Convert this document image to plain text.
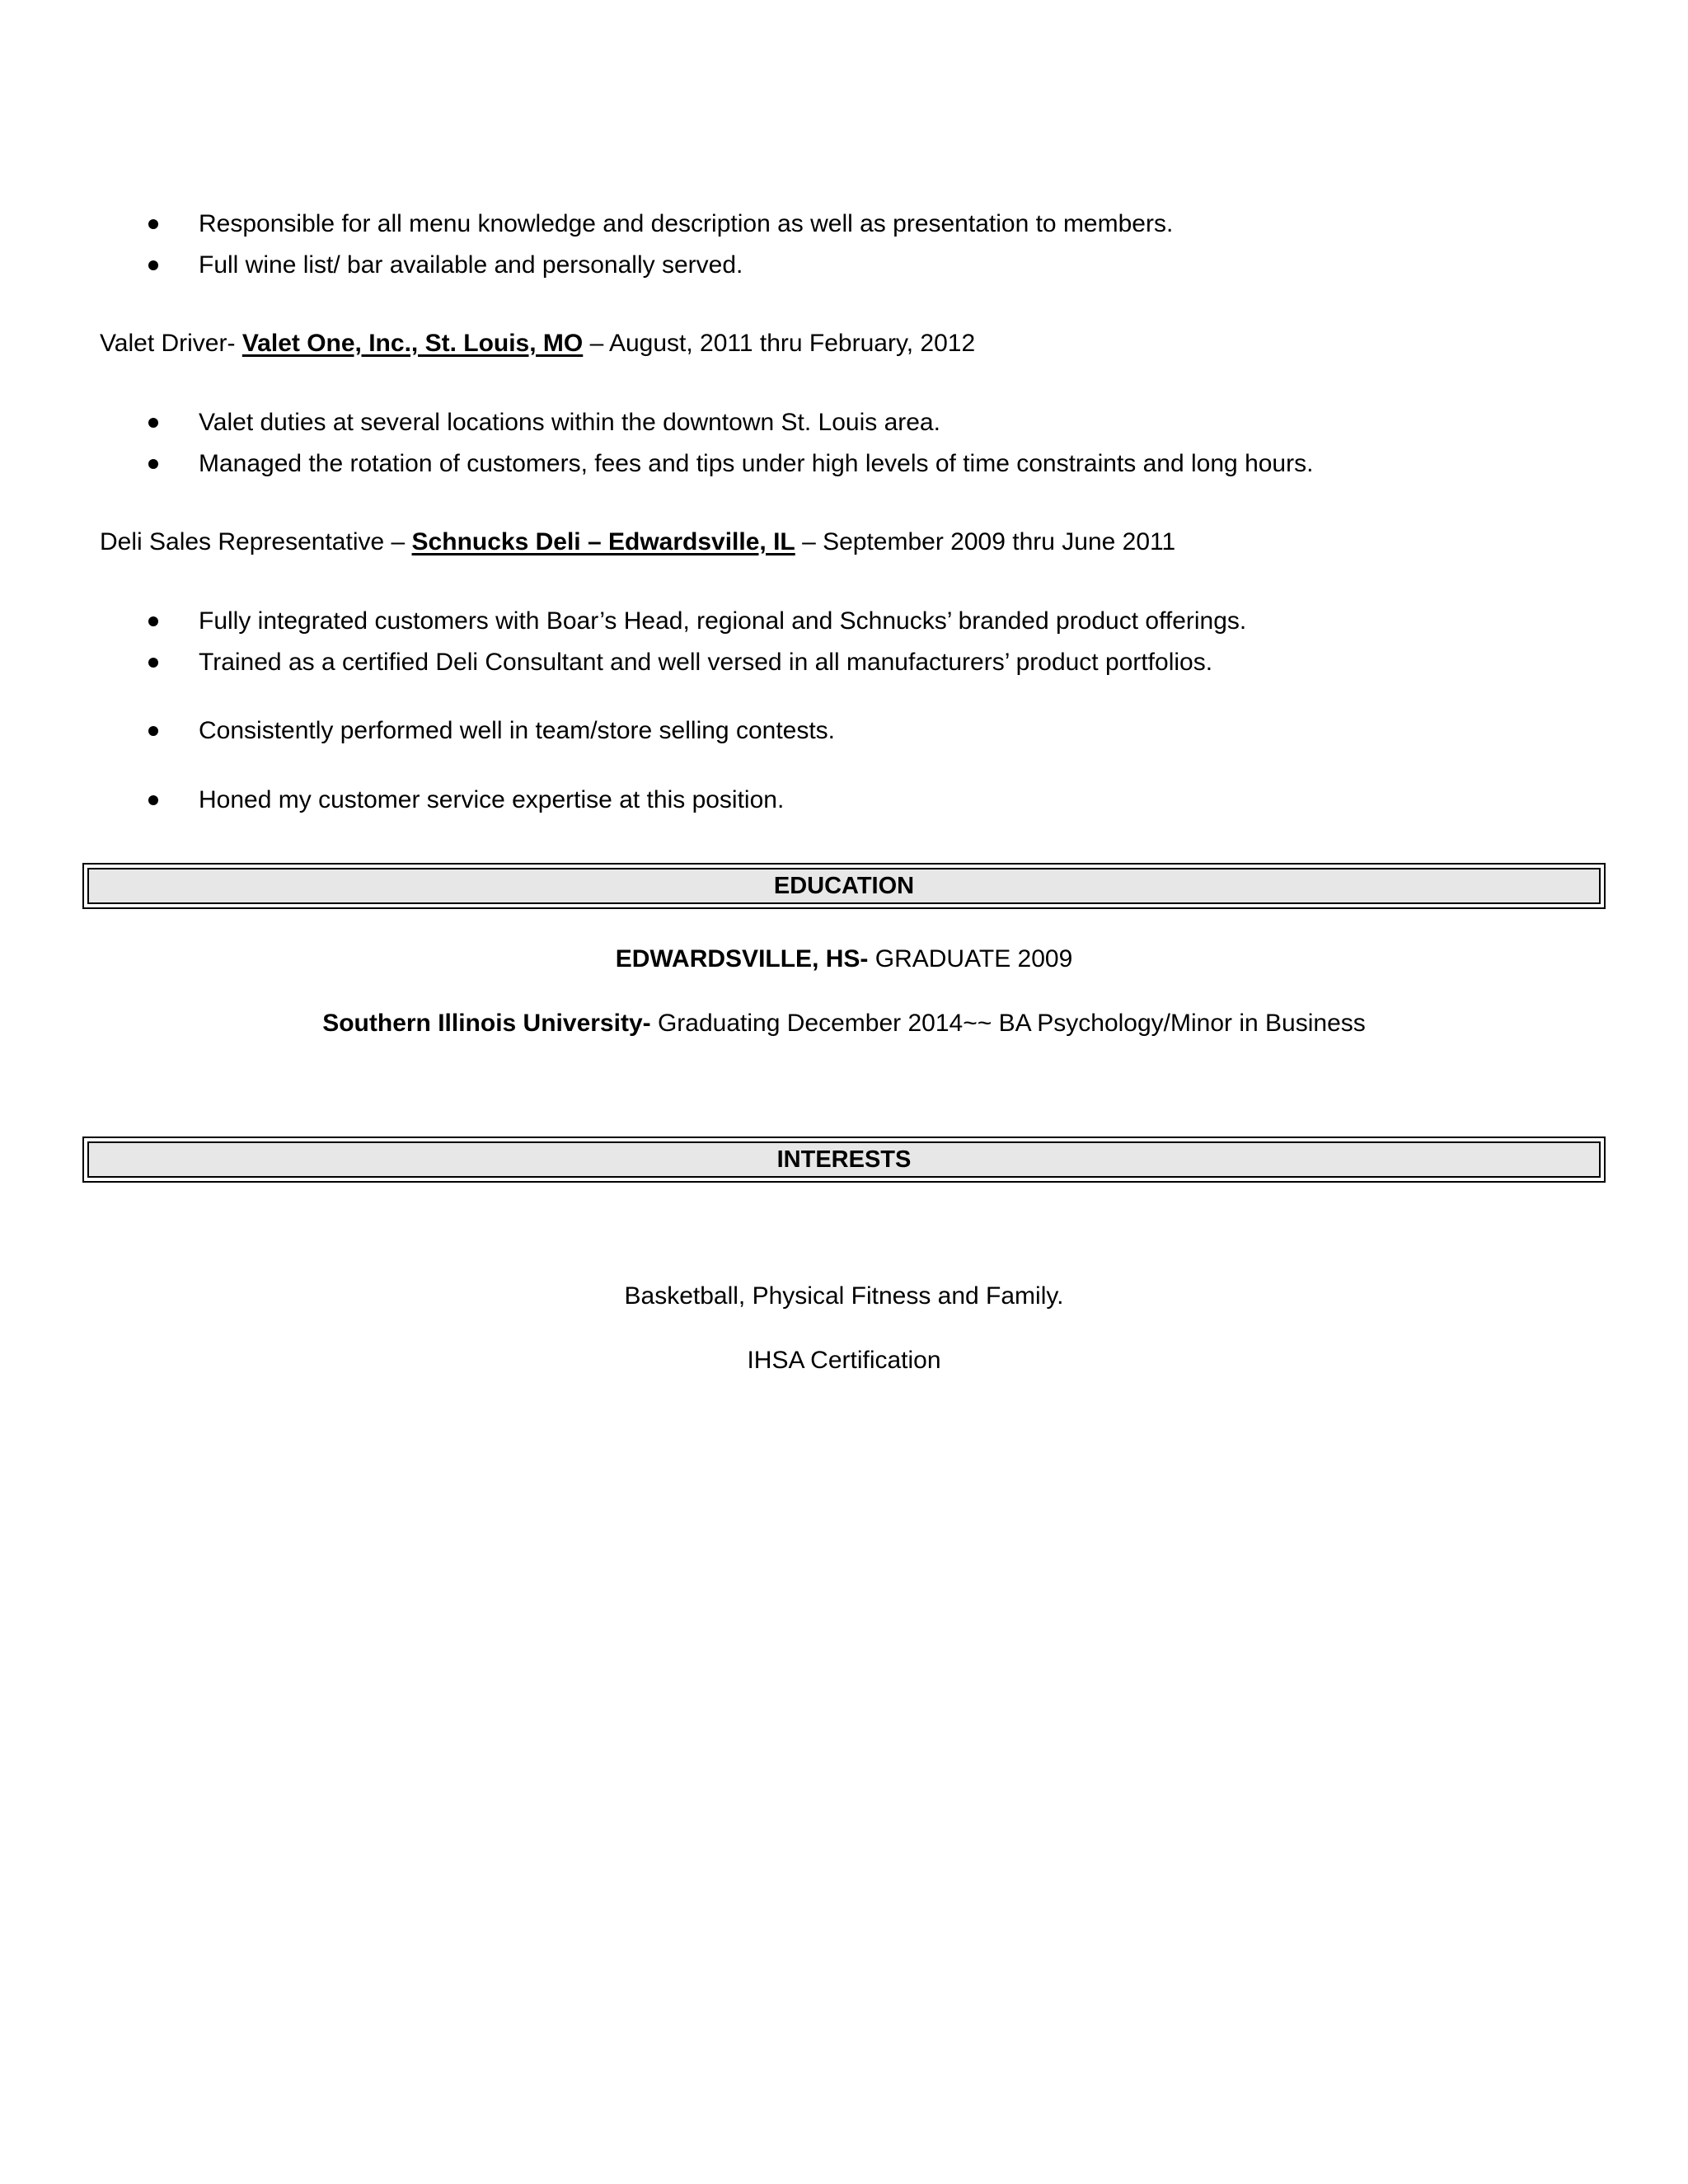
Responsible for all menu knowledge and description as well as presentation to members.
Full wine list/ bar available and personally served.
Valet Driver- Valet One, Inc., St. Louis, MO – August, 2011 thru February, 2012
Valet duties at several locations within the downtown St. Louis area.
Managed the rotation of customers, fees and tips under high levels of time constraints and long hours.
Deli Sales Representative – Schnucks Deli – Edwardsville, IL – September 2009 thru June 2011
Fully integrated customers with Boar’s Head, regional and Schnucks’ branded product offerings.
Trained as a certified Deli Consultant and well versed in all manufacturers’ product portfolios.
Consistently performed well in team/store selling contests.
Honed my customer service expertise at this position.
EDUCATION
EDWARDSVILLE, HS- GRADUATE 2009
Southern Illinois University- Graduating December 2014~~ BA Psychology/Minor in Business
INTERESTS
Basketball, Physical Fitness and Family.
IHSA Certification
